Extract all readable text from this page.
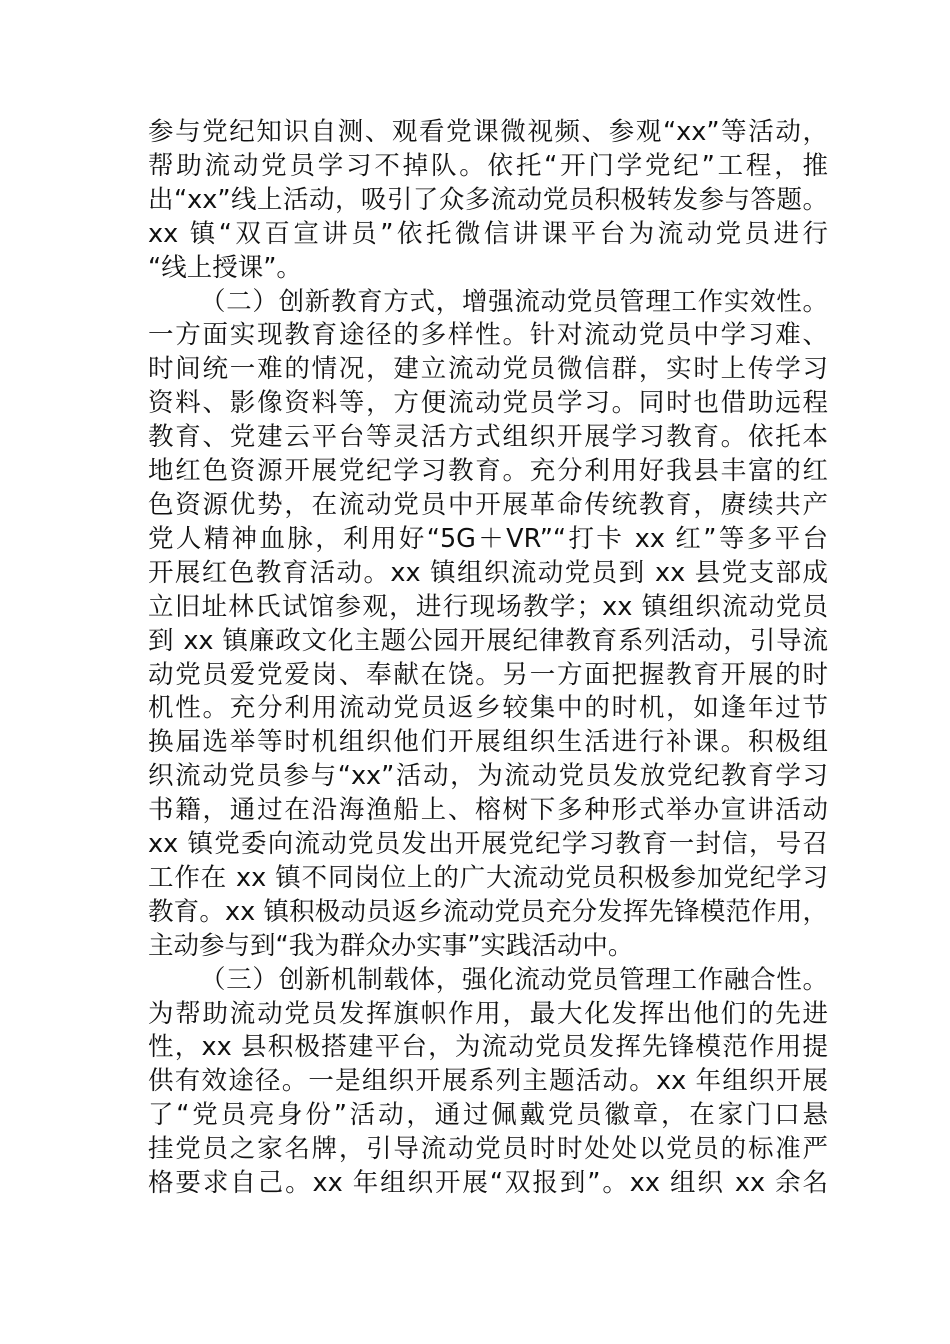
参与党纪知识自测、观看党课微视频、参观“xx”等活动，
帮助流动党员学习不掉队。依托“开门学党纪”工程，推
出“xx”线上活动，吸引了众多流动党员积极转发参与答题。
xx 镇“双百宣讲员”依托微信讲课平台为流动党员进行
“线上授课”。
（二）创新教育方式，增强流动党员管理工作实效性。
一方面实现教育途径的多样性。针对流动党员中学习难、
时间统一难的情况，建立流动党员微信群，实时上传学习
资料、影像资料等，方便流动党员学习。同时也借助远程
教育、党建云平台等灵活方式组织开展学习教育。依托本
地红色资源开展党纪学习教育。充分利用好我县丰富的红
色资源优势，在流动党员中开展革命传统教育，赓续共产
党人精神血脉，利用好“5G＋VR”“打卡 xx 红”等多平台
开展红色教育活动。xx 镇组织流动党员到 xx 县党支部成
立旧址林氏试馆参观，进行现场教学；xx 镇组织流动党员
到 xx 镇廉政文化主题公园开展纪律教育系列活动，引导流
动党员爱党爱岗、奉献在饶。另一方面把握教育开展的时
机性。充分利用流动党员返乡较集中的时机，如逢年过节
换届选举等时机组织他们开展组织生活进行补课。积极组
织流动党员参与“xx”活动，为流动党员发放党纪教育学习
书籍，通过在沿海渔船上、榕树下多种形式举办宣讲活动
xx 镇党委向流动党员发出开展党纪学习教育一封信，号召
工作在 xx 镇不同岗位上的广大流动党员积极参加党纪学习
教育。xx 镇积极动员返乡流动党员充分发挥先锋模范作用，
主动参与到“我为群众办实事”实践活动中。
（三）创新机制载体，强化流动党员管理工作融合性。
为帮助流动党员发挥旗帜作用，最大化发挥出他们的先进
性，xx 县积极搭建平台，为流动党员发挥先锋模范作用提
供有效途径。一是组织开展系列主题活动。xx 年组织开展
了“党员亮身份”活动，通过佩戴党员徽章，在家门口悬
挂党员之家名牌，引导流动党员时时处处以党员的标准严
格要求自己。xx 年组织开展“双报到”。xx 组织 xx 余名
